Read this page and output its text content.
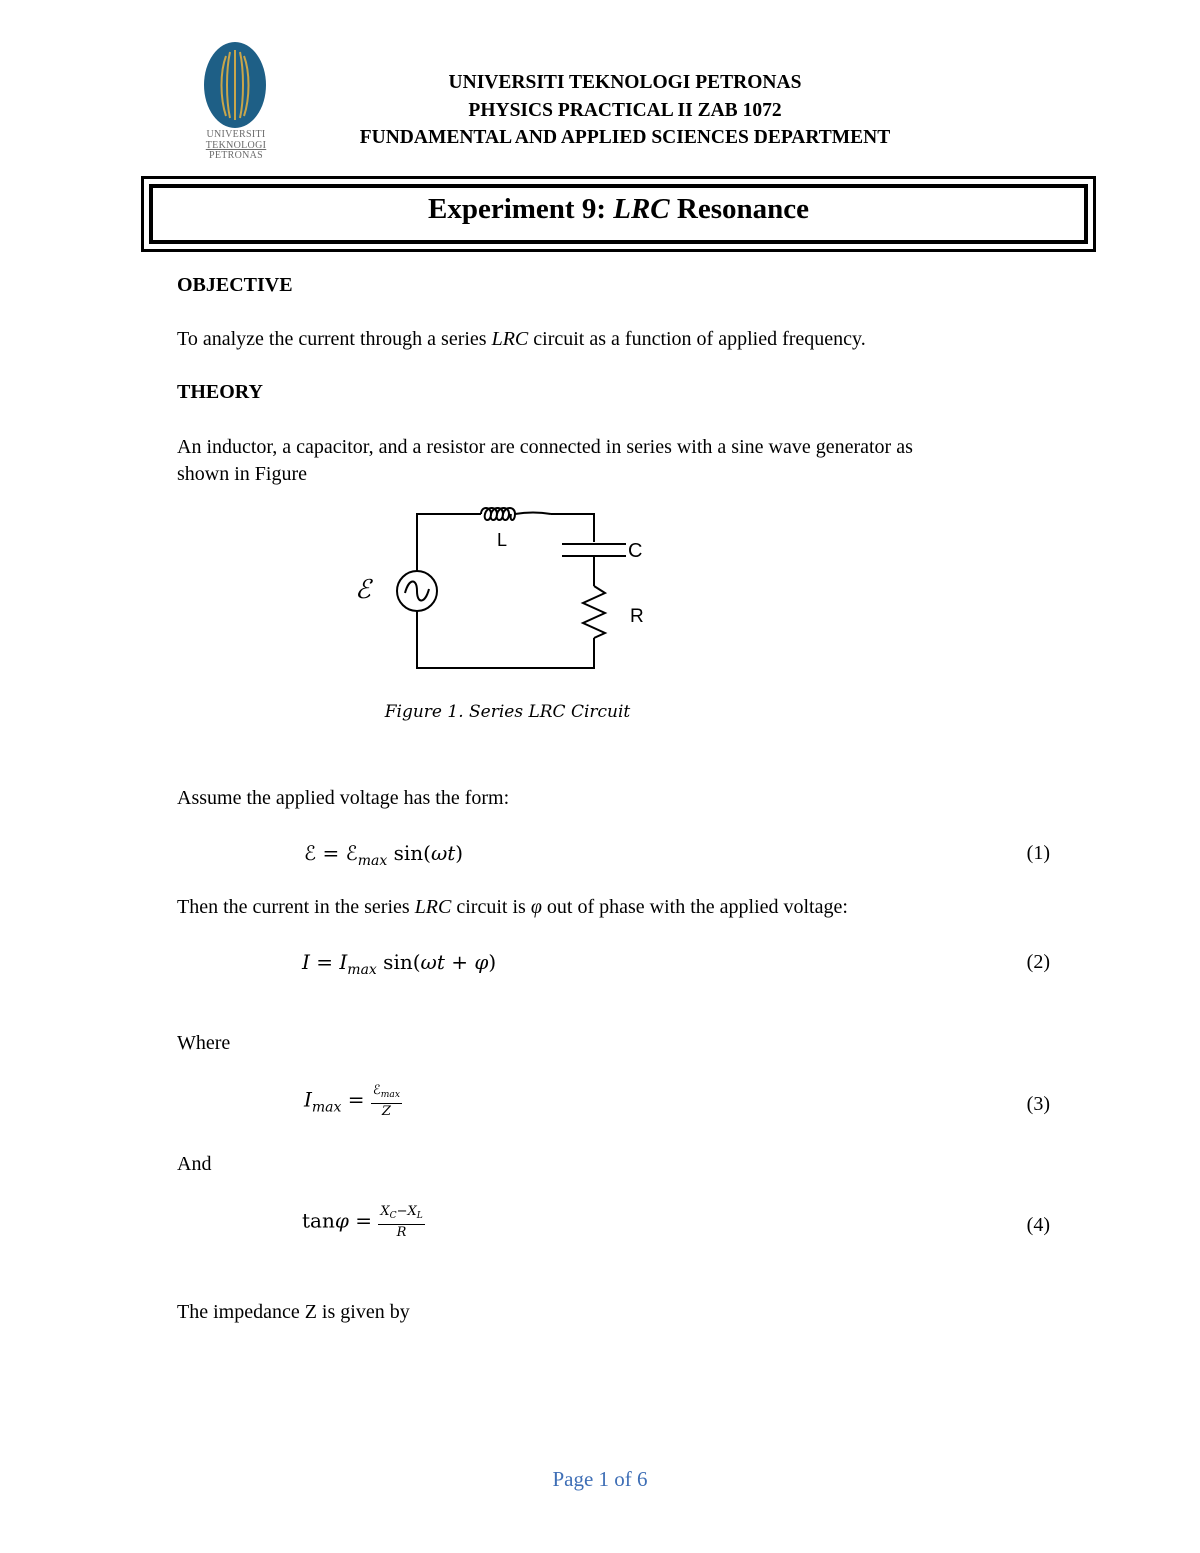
UNIVERSITI
TEKNOLOGI
PETRONAS
UNIVERSITI TEKNOLOGI PETRONAS
PHYSICS PRACTICAL II ZAB 1072
FUNDAMENTAL AND APPLIED SCIENCES DEPARTMENT
Experiment 9: LRC Resonance
OBJECTIVE
To analyze the current through a series LRC circuit as a function of applied frequency.
THEORY
An inductor, a capacitor, and a resistor are connected in series with a sine wave generator as
shown in Figure
ℰ
L	C
R
Figure 1. Series LRC Circuit
Assume the applied voltage has the form:
ℰ = ℰ$_{max}$ sin(ωt)	(1)
Then the current in the series LRC circuit is φ out of phase with the applied voltage:
$I = I_{max}$ sin(ωt + φ)	(2)
Where
$I_{max} = \frac{ℰ_{max}}{Z}$	(3)
And
$\tan\varphi = \frac{X_C-X_L}{R}$	(4)
The impedance Z is given by
Page 1 of 6
